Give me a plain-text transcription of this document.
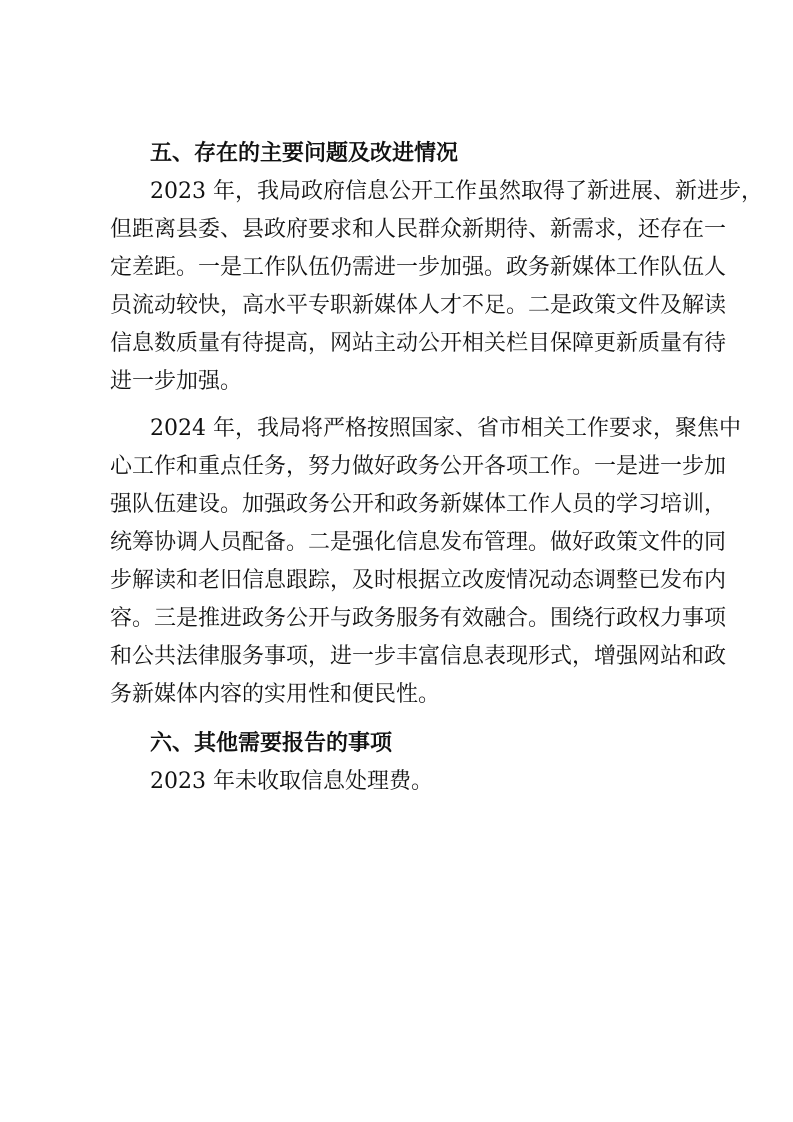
五、存在的主要问题及改进情况
2023 年，我局政府信息公开工作虽然取得了新进展、新进步，
但距离县委、县政府要求和人民群众新期待、新需求，还存在一
定差距。一是工作队伍仍需进一步加强。政务新媒体工作队伍人
员流动较快，高水平专职新媒体人才不足。二是政策文件及解读
信息数质量有待提高，网站主动公开相关栏目保障更新质量有待
进一步加强。
2024 年，我局将严格按照国家、省市相关工作要求，聚焦中
心工作和重点任务，努力做好政务公开各项工作。一是进一步加
强队伍建设。加强政务公开和政务新媒体工作人员的学习培训，
统筹协调人员配备。二是强化信息发布管理。做好政策文件的同
步解读和老旧信息跟踪，及时根据立改废情况动态调整已发布内
容。三是推进政务公开与政务服务有效融合。围绕行政权力事项
和公共法律服务事项，进一步丰富信息表现形式，增强网站和政
务新媒体内容的实用性和便民性。
六、其他需要报告的事项
2023 年未收取信息处理费。
